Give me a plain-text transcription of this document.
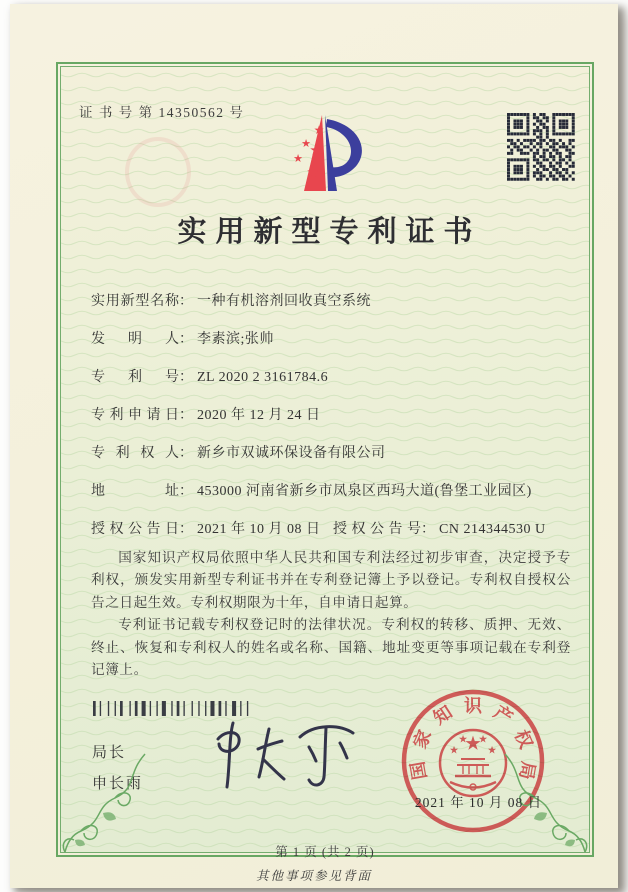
证 书 号 第 14350562 号
★
★
★
★
★
实用新型专利证书
实用新型名称 ： 一种有机溶剂回收真空系统
发明人 ： 李素滨;张帅
专利号 ： ZL 2020 2 3161784.6
专利申请日 ： 2020 年 12 月 24 日
专利权人 ： 新乡市双诚环保设备有限公司
地址 ： 453000 河南省新乡市凤泉区西玛大道(鲁堡工业园区)
授权公告日 ： 2021 年 10 月 08 日 授权公告号 ： CN 214344530 U

国家知识产权局依照中华人民共和国专利法经过初步审查，决定授予专利权，颁发实用新型专利证书并在专利登记簿上予以登记。专利权自授权公告之日起生效。专利权期限为十年，自申请日起算。

专利证书记载专利权登记时的法律状况。专利权的转移、质押、无效、终止、恢复和专利权人的姓名或名称、国籍、地址变更等事项记载在专利登记簿上。

局长
申长雨
国
家
知 识 产
权
局
★
★
★ ★
★
2021 年 10 月 08 日
第 1 页 (共 2 页)
其他事项参见背面
